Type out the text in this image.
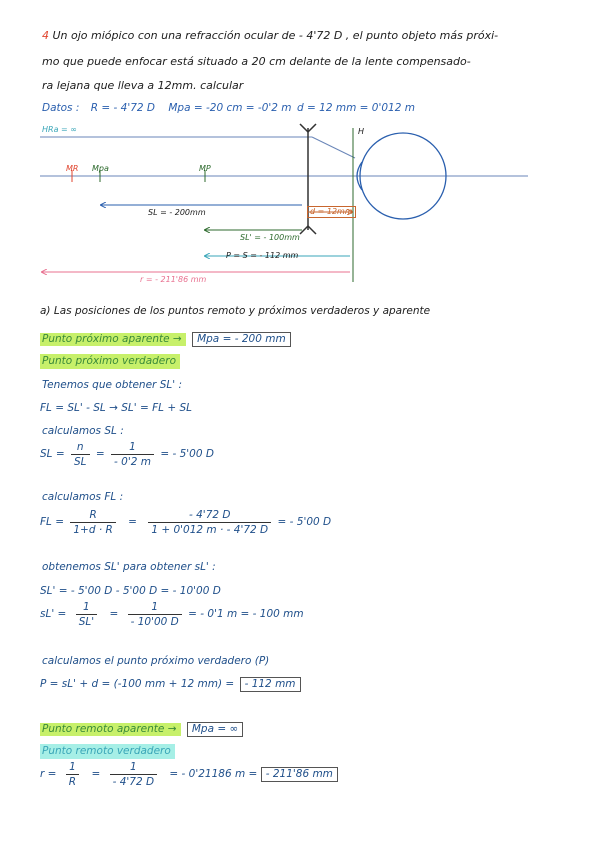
4 Un ojo miópico con una refracción ocular de - 4'72 D , el punto objeto más próxi-
mo que puede enfocar está situado a 20 cm delante de la lente compensado-
ra lejana que lleva a 12mm. calcular
Datos : R = - 4'72 D Mpa = -20 cm = -0'2 m d = 12 mm = 0'012 m
HRa = ∞	H
MR Mpa	MP
SL = - 200mm	d = 12mm
SL' = - 100mm
P = S = - 112 mm
r = - 211'86 mm
a) Las posiciones de los puntos remoto y próximos verdaderos y aparente
Punto próximo aparente → Mpa = - 200 mm
Punto próximo verdadero
Tenemos que obtener SL' :
FL = SL' - SL → SL' = FL + SL
calculamos SL :
SL = $\frac{n}{SL} = \frac{1}{- 0'2 m}$ = - 5'00 D
calculamos FL :
FL = $\frac{R}{1+d \cdot R} = \frac{- 4'72 D}{1 + 0'012 m \cdot - 4'72 D}$ = - 5'00 D
obtenemos SL' para obtener sL' :
SL' = - 5'00 D - 5'00 D = - 10'00 D
$sL' = \frac{1}{SL'} = \frac{1}{- 10'00 D}$ = - 0'1 m = - 100 mm
calculamos el punto próximo verdadero (P)
P = sL' + d = (-100 mm + 12 mm) = - 112 mm
Punto remoto aparente → Mpa = ∞
Punto remoto verdadero
$r = \frac{1}{R} = \frac{1}{- 4'72 D}$ = - 0'21186 m = - 211'86 mm
